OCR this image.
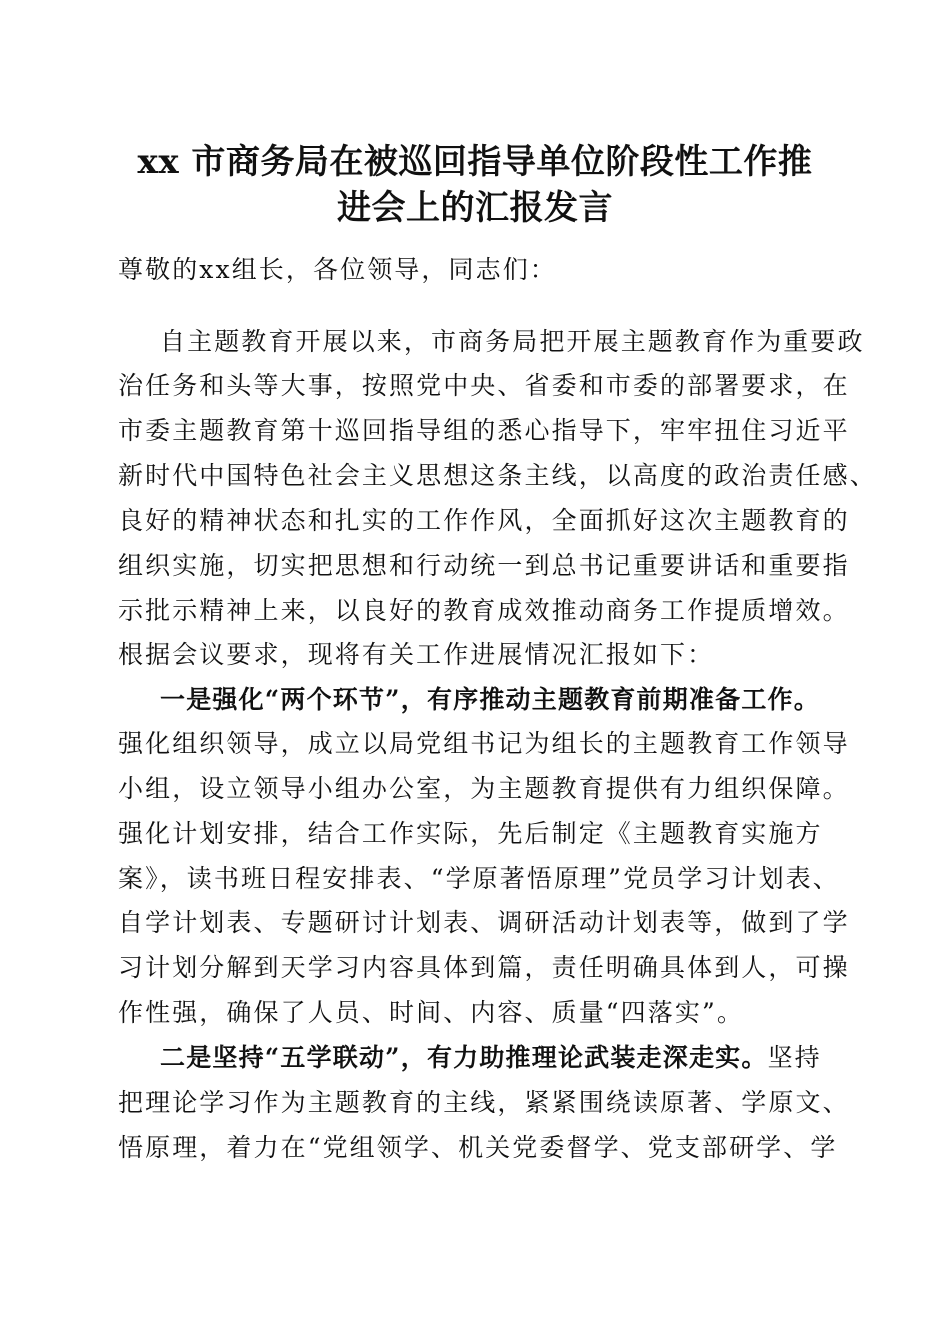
xx 市商务局在被巡回指导单位阶段性工作推
进会上的汇报发言
尊敬的xx组长，各位领导，同志们：
自主题教育开展以来，市商务局把开展主题教育作为重要政
治任务和头等大事，按照党中央、省委和市委的部署要求，在
市委主题教育第十巡回指导组的悉心指导下，牢牢扭住习近平
新时代中国特色社会主义思想这条主线，以高度的政治责任感、
良好的精神状态和扎实的工作作风，全面抓好这次主题教育的
组织实施，切实把思想和行动统一到总书记重要讲话和重要指
示批示精神上来，以良好的教育成效推动商务工作提质增效。
根据会议要求，现将有关工作进展情况汇报如下：
一是强化“两个环节”，有序推动主题教育前期准备工作。
强化组织领导，成立以局党组书记为组长的主题教育工作领导
小组，设立领导小组办公室，为主题教育提供有力组织保障。
强化计划安排，结合工作实际，先后制定《主题教育实施方
案》，读书班日程安排表、“学原著悟原理”党员学习计划表、
自学计划表、专题研讨计划表、调研活动计划表等，做到了学
习计划分解到天学习内容具体到篇，责任明确具体到人，可操
作性强，确保了人员、时间、内容、质量“四落实”。
二是坚持“五学联动”，有力助推理论武装走深走实。坚持
把理论学习作为主题教育的主线，紧紧围绕读原著、学原文、
悟原理，着力在“党组领学、机关党委督学、党支部研学、学
